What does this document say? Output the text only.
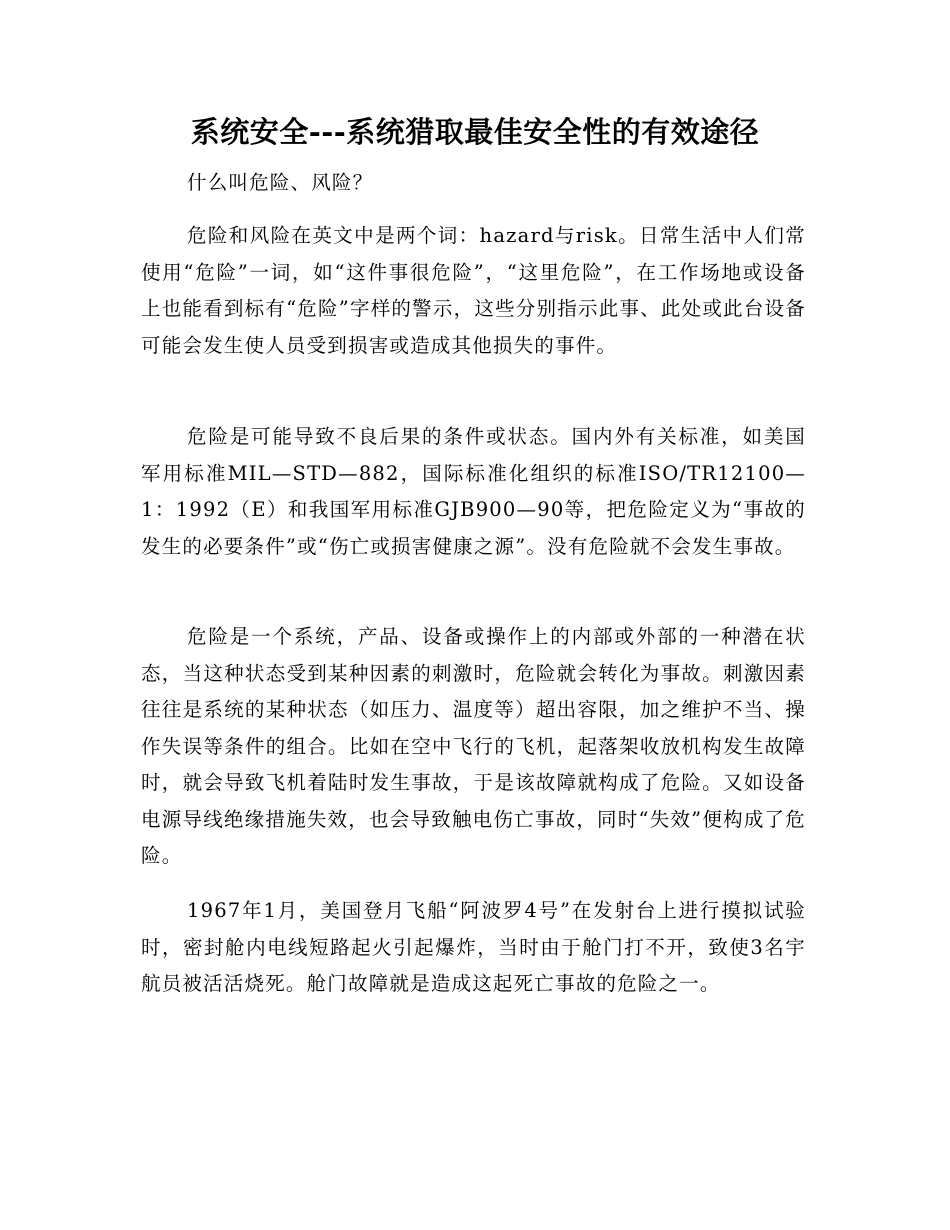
系统安全---系统猎取最佳安全性的有效途径

什么叫危险、风险？

危险和风险在英文中是两个词：hazard与risk。日常生活中人们常使用“危险”一词，如“这件事很危险”，“这里危险”，在工作场地或设备上也能看到标有“危险”字样的警示，这些分别指示此事、此处或此台设备可能会发生使人员受到损害或造成其他损失的事件。

危险是可能导致不良后果的条件或状态。国内外有关标准，如美国军用标准MIL—STD—882，国际标准化组织的标准ISO/TR12100—1：1992（E）和我国军用标准GJB900—90等，把危险定义为“事故的发生的必要条件”或“伤亡或损害健康之源”。没有危险就不会发生事故。

危险是一个系统，产品、设备或操作上的内部或外部的一种潜在状态，当这种状态受到某种因素的刺激时，危险就会转化为事故。刺激因素往往是系统的某种状态（如压力、温度等）超出容限，加之维护不当、操作失误等条件的组合。比如在空中飞行的飞机，起落架收放机构发生故障时，就会导致飞机着陆时发生事故，于是该故障就构成了危险。又如设备电源导线绝缘措施失效，也会导致触电伤亡事故，同时“失效”便构成了危险。

1967年1月，美国登月飞船“阿波罗4号”在发射台上进行摸拟试验时，密封舱内电线短路起火引起爆炸，当时由于舱门打不开，致使3名宇航员被活活烧死。舱门故障就是造成这起死亡事故的危险之一。
